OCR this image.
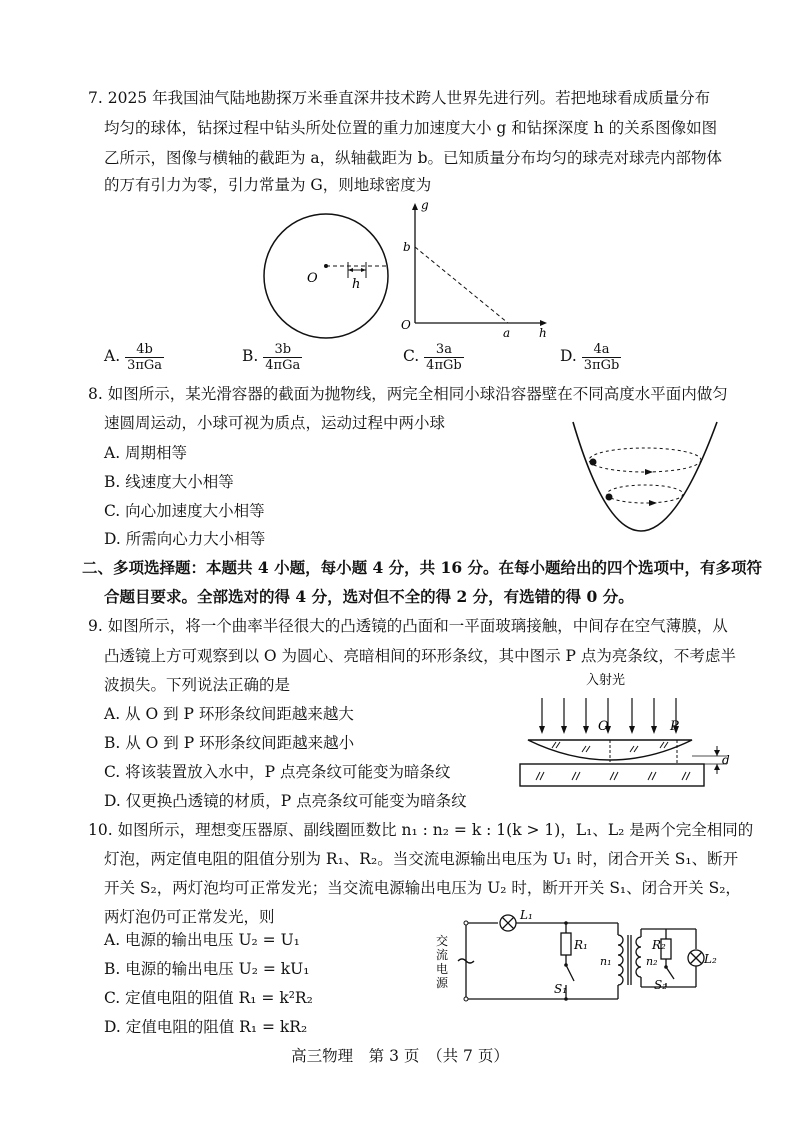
7. 2025 年我国油气陆地勘探万米垂直深井技术跨人世界先进行列。若把地球看成质量分布
均匀的球体，钻探过程中钻头所处位置的重力加速度大小 g 和钻探深度 h 的关系图像如图
乙所示，图像与横轴的截距为 a，纵轴截距为 b。已知质量分布均匀的球壳对球壳内部物体
的万有引力为零，引力常量为 G，则地球密度为
O	h
g
h
O
b
a
A. $\frac{4b}{\text{3πGa}}$	B. $\frac{3b}{\text{4πGa}}$	C. $\frac{3a}{\text{4πGb}}$	D. $\frac{4a}{\text{3πGb}}$
8. 如图所示，某光滑容器的截面为抛物线，两完全相同小球沿容器壁在不同高度水平面内做匀
速圆周运动，小球可视为质点，运动过程中两小球
A. 周期相等
B. 线速度大小相等
C. 向心加速度大小相等
D. 所需向心力大小相等
二、多项选择题：本题共 4 小题，每小题 4 分，共 16 分。在每小题给出的四个选项中，有多项符
合题目要求。全部选对的得 4 分，选对但不全的得 2 分，有选错的得 0 分。
9. 如图所示，将一个曲率半径很大的凸透镜的凸面和一平面玻璃接触，中间存在空气薄膜，从
凸透镜上方可观察到以 O 为圆心、亮暗相间的环形条纹，其中图示 P 点为亮条纹，不考虑半
波损失。下列说法正确的是
A. 从 O 到 P 环形条纹间距越来越大
B. 从 O 到 P 环形条纹间距越来越小
C. 将该装置放入水中，P 点亮条纹可能变为暗条纹
D. 仅更换凸透镜的材质，P 点亮条纹可能变为暗条纹
入射光
O	P
d
10. 如图所示，理想变压器原、副线圈匝数比 n₁ : n₂ = k : 1(k > 1)，L₁、L₂ 是两个完全相同的
灯泡，两定值电阻的阻值分别为 R₁、R₂。当交流电源输出电压为 U₁ 时，闭合开关 S₁、断开
开关 S₂，两灯泡均可正常发光；当交流电源输出电压为 U₂ 时，断开开关 S₁、闭合开关 S₂，
两灯泡仍可正常发光，则
A. 电源的输出电压 U₂ = U₁
B. 电源的输出电压 U₂ = kU₁
C. 定值电阻的阻值 R₁ = k²R₂
D. 定值电阻的阻值 R₁ = kR₂
交
流
电
源
L₁
R₁
S₁
n₁	n₂
R₂
S₂
L₂
高三物理　第 3 页　（共 7 页）
